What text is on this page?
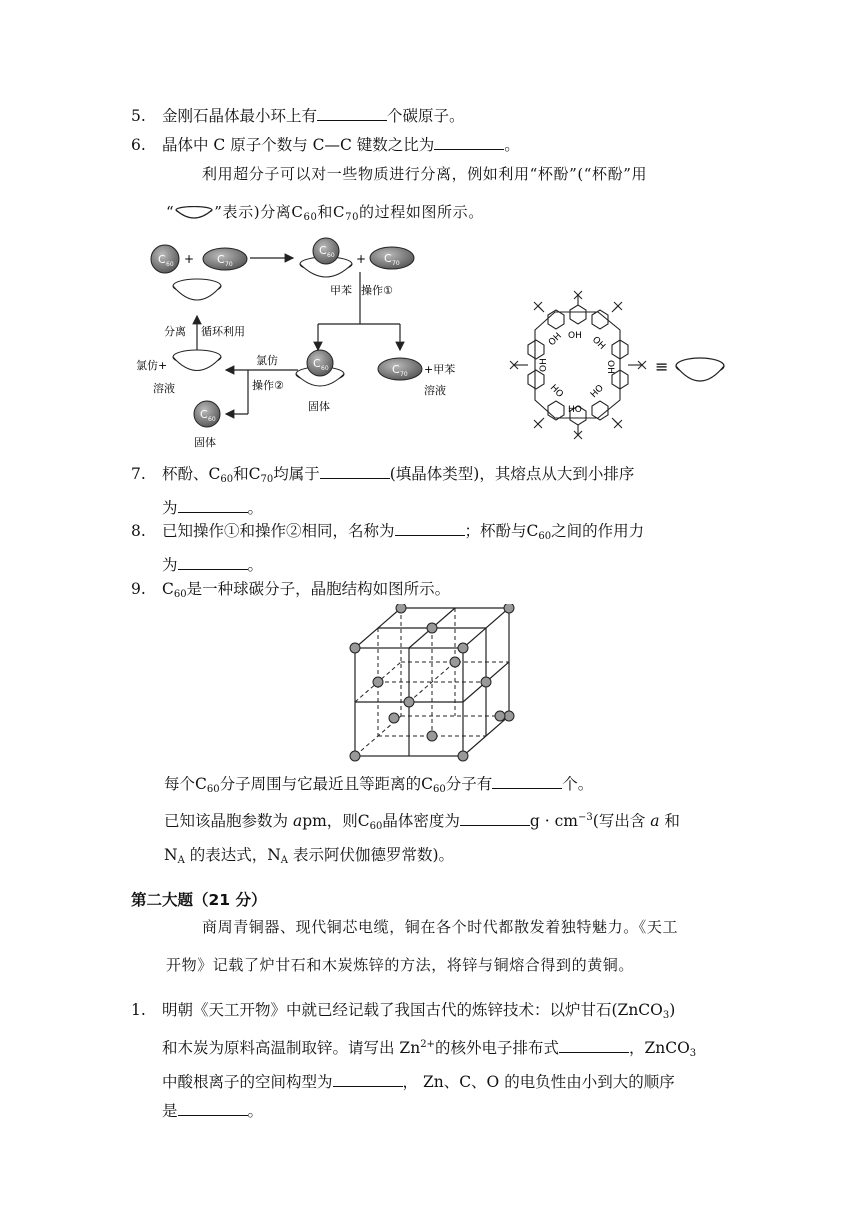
5.	金刚石晶体最小环上有	个碳原子。
6.	晶体中 C 原子个数与 C—C 键数之比为	。
利用超分子可以对一些物质进行分离，例如利用“杯酚”(“杯酚”用
“	”表示)分离$C_{60}$和$C_{70}$的过程如图所示。
C 60 + C 70
C 60 + C 70
甲苯 操作①
分离 循环利用
氯仿+
溶液
C 60
固体
氯仿
操作②
C 60
固体
C 70 +甲苯
溶液
OH
OH	OH
OH	OH
HO	HO
HO
≡
7.	杯酚、$C_{60}$和$C_{70}$均属于	(填晶体类型)，其熔点从大到小排序
为	。
8.	已知操作①和操作②相同，名称为	；杯酚与$C_{60}$之间的作用力
为	。
9.	$C_{60}$是一种球碳分子，晶胞结构如图所示。
每个$C_{60}$分子周围与它最近且等距离的$C_{60}$分子有	个。
已知该晶胞参数为 apm，则$C_{60}$晶体密度为	$g \cdot cm^{-3}$(写出含 a 和
$N_A$ 的表达式，$N_A$ 表示阿伏伽德罗常数)。
第二大题（21 分）
商周青铜器、现代铜芯电缆，铜在各个时代都散发着独特魅力。《天工
开物》记载了炉甘石和木炭炼锌的方法，将锌与铜熔合得到的黄铜。
1.	明朝《天工开物》中就已经记载了我国古代的炼锌技术：以炉甘石(ZnCO$_3$)
和木炭为原料高温制取锌。请写出 $Zn^{2+}$的核外电子排布式	，ZnCO$_3$
中酸根离子的空间构型为	， Zn、C、O 的电负性由小到大的顺序
是	。
